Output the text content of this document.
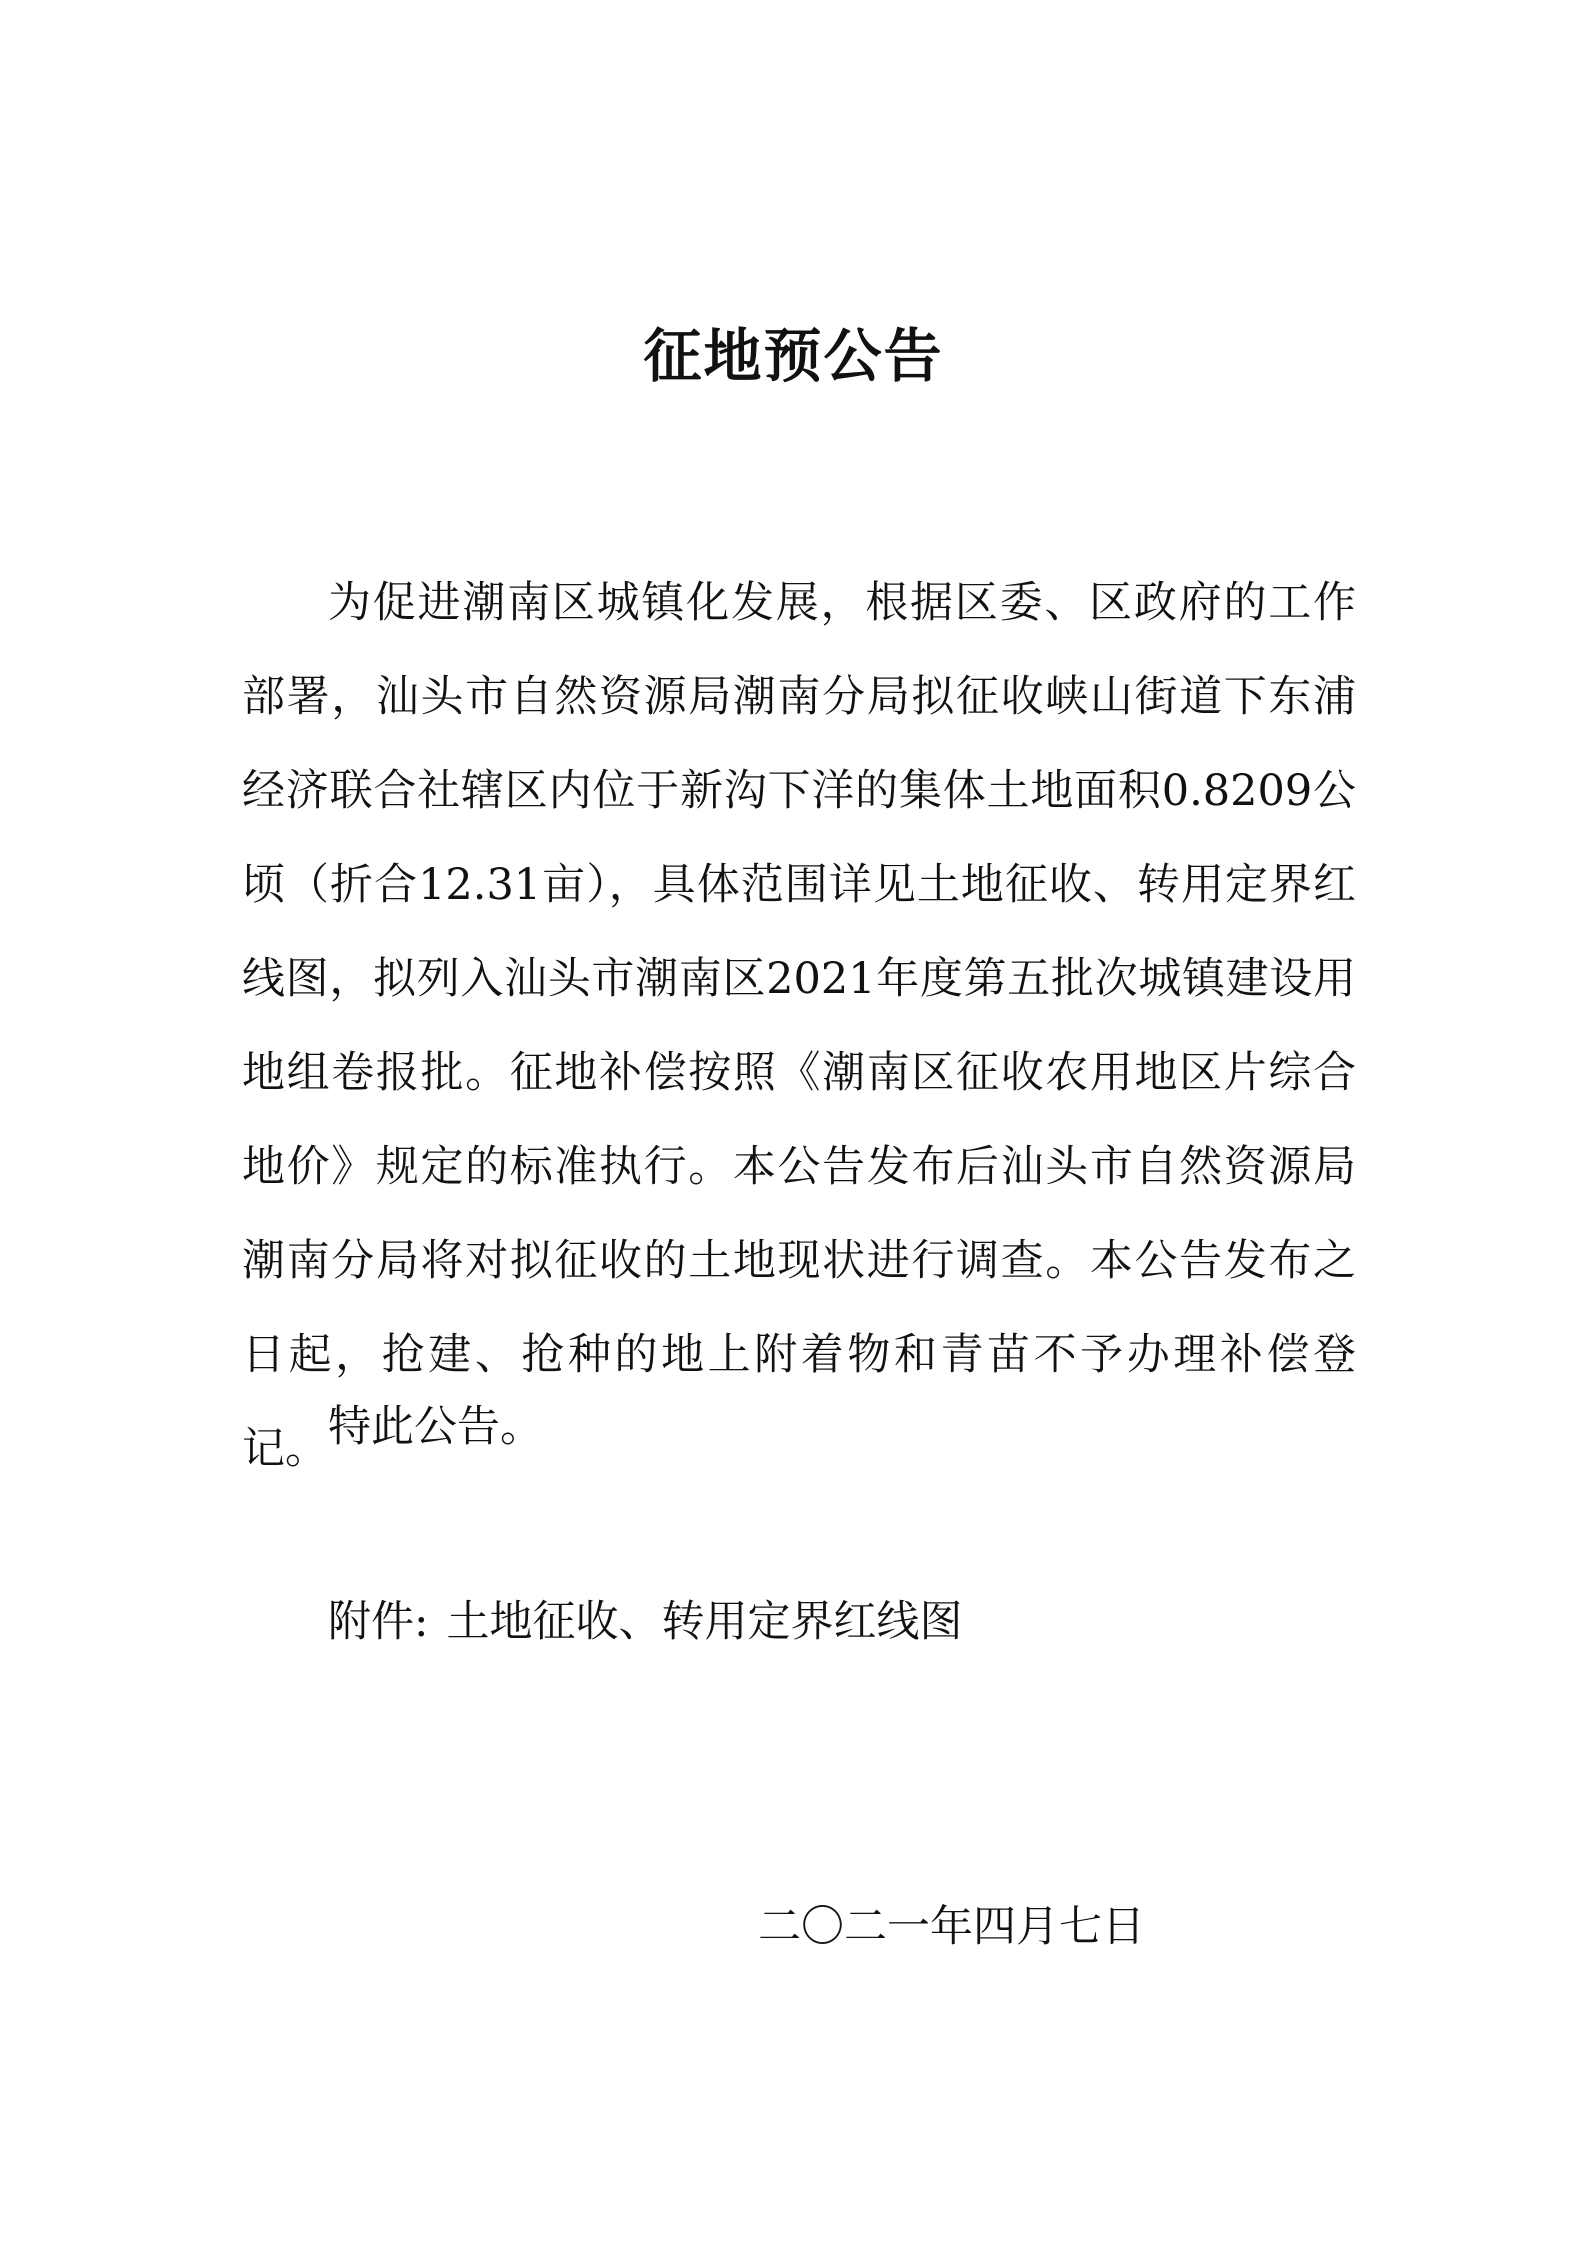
征地预公告

为促进潮南区城镇化发展，根据区委、区政府的工作部署，汕头市自然资源局潮南分局拟征收峡山街道下东浦经济联合社辖区内位于新沟下洋的集体土地面积0.8209公顷（折合12.31亩），具体范围详见土地征收、转用定界红线图，拟列入汕头市潮南区2021年度第五批次城镇建设用地组卷报批。征地补偿按照《潮南区征收农用地区片综合地价》规定的标准执行。本公告发布后汕头市自然资源局潮南分局将对拟征收的土地现状进行调查。本公告发布之日起，抢建、抢种的地上附着物和青苗不予办理补偿登记。 特此公告。
附件: 土地征收、转用定界红线图
二〇二一年四月七日
